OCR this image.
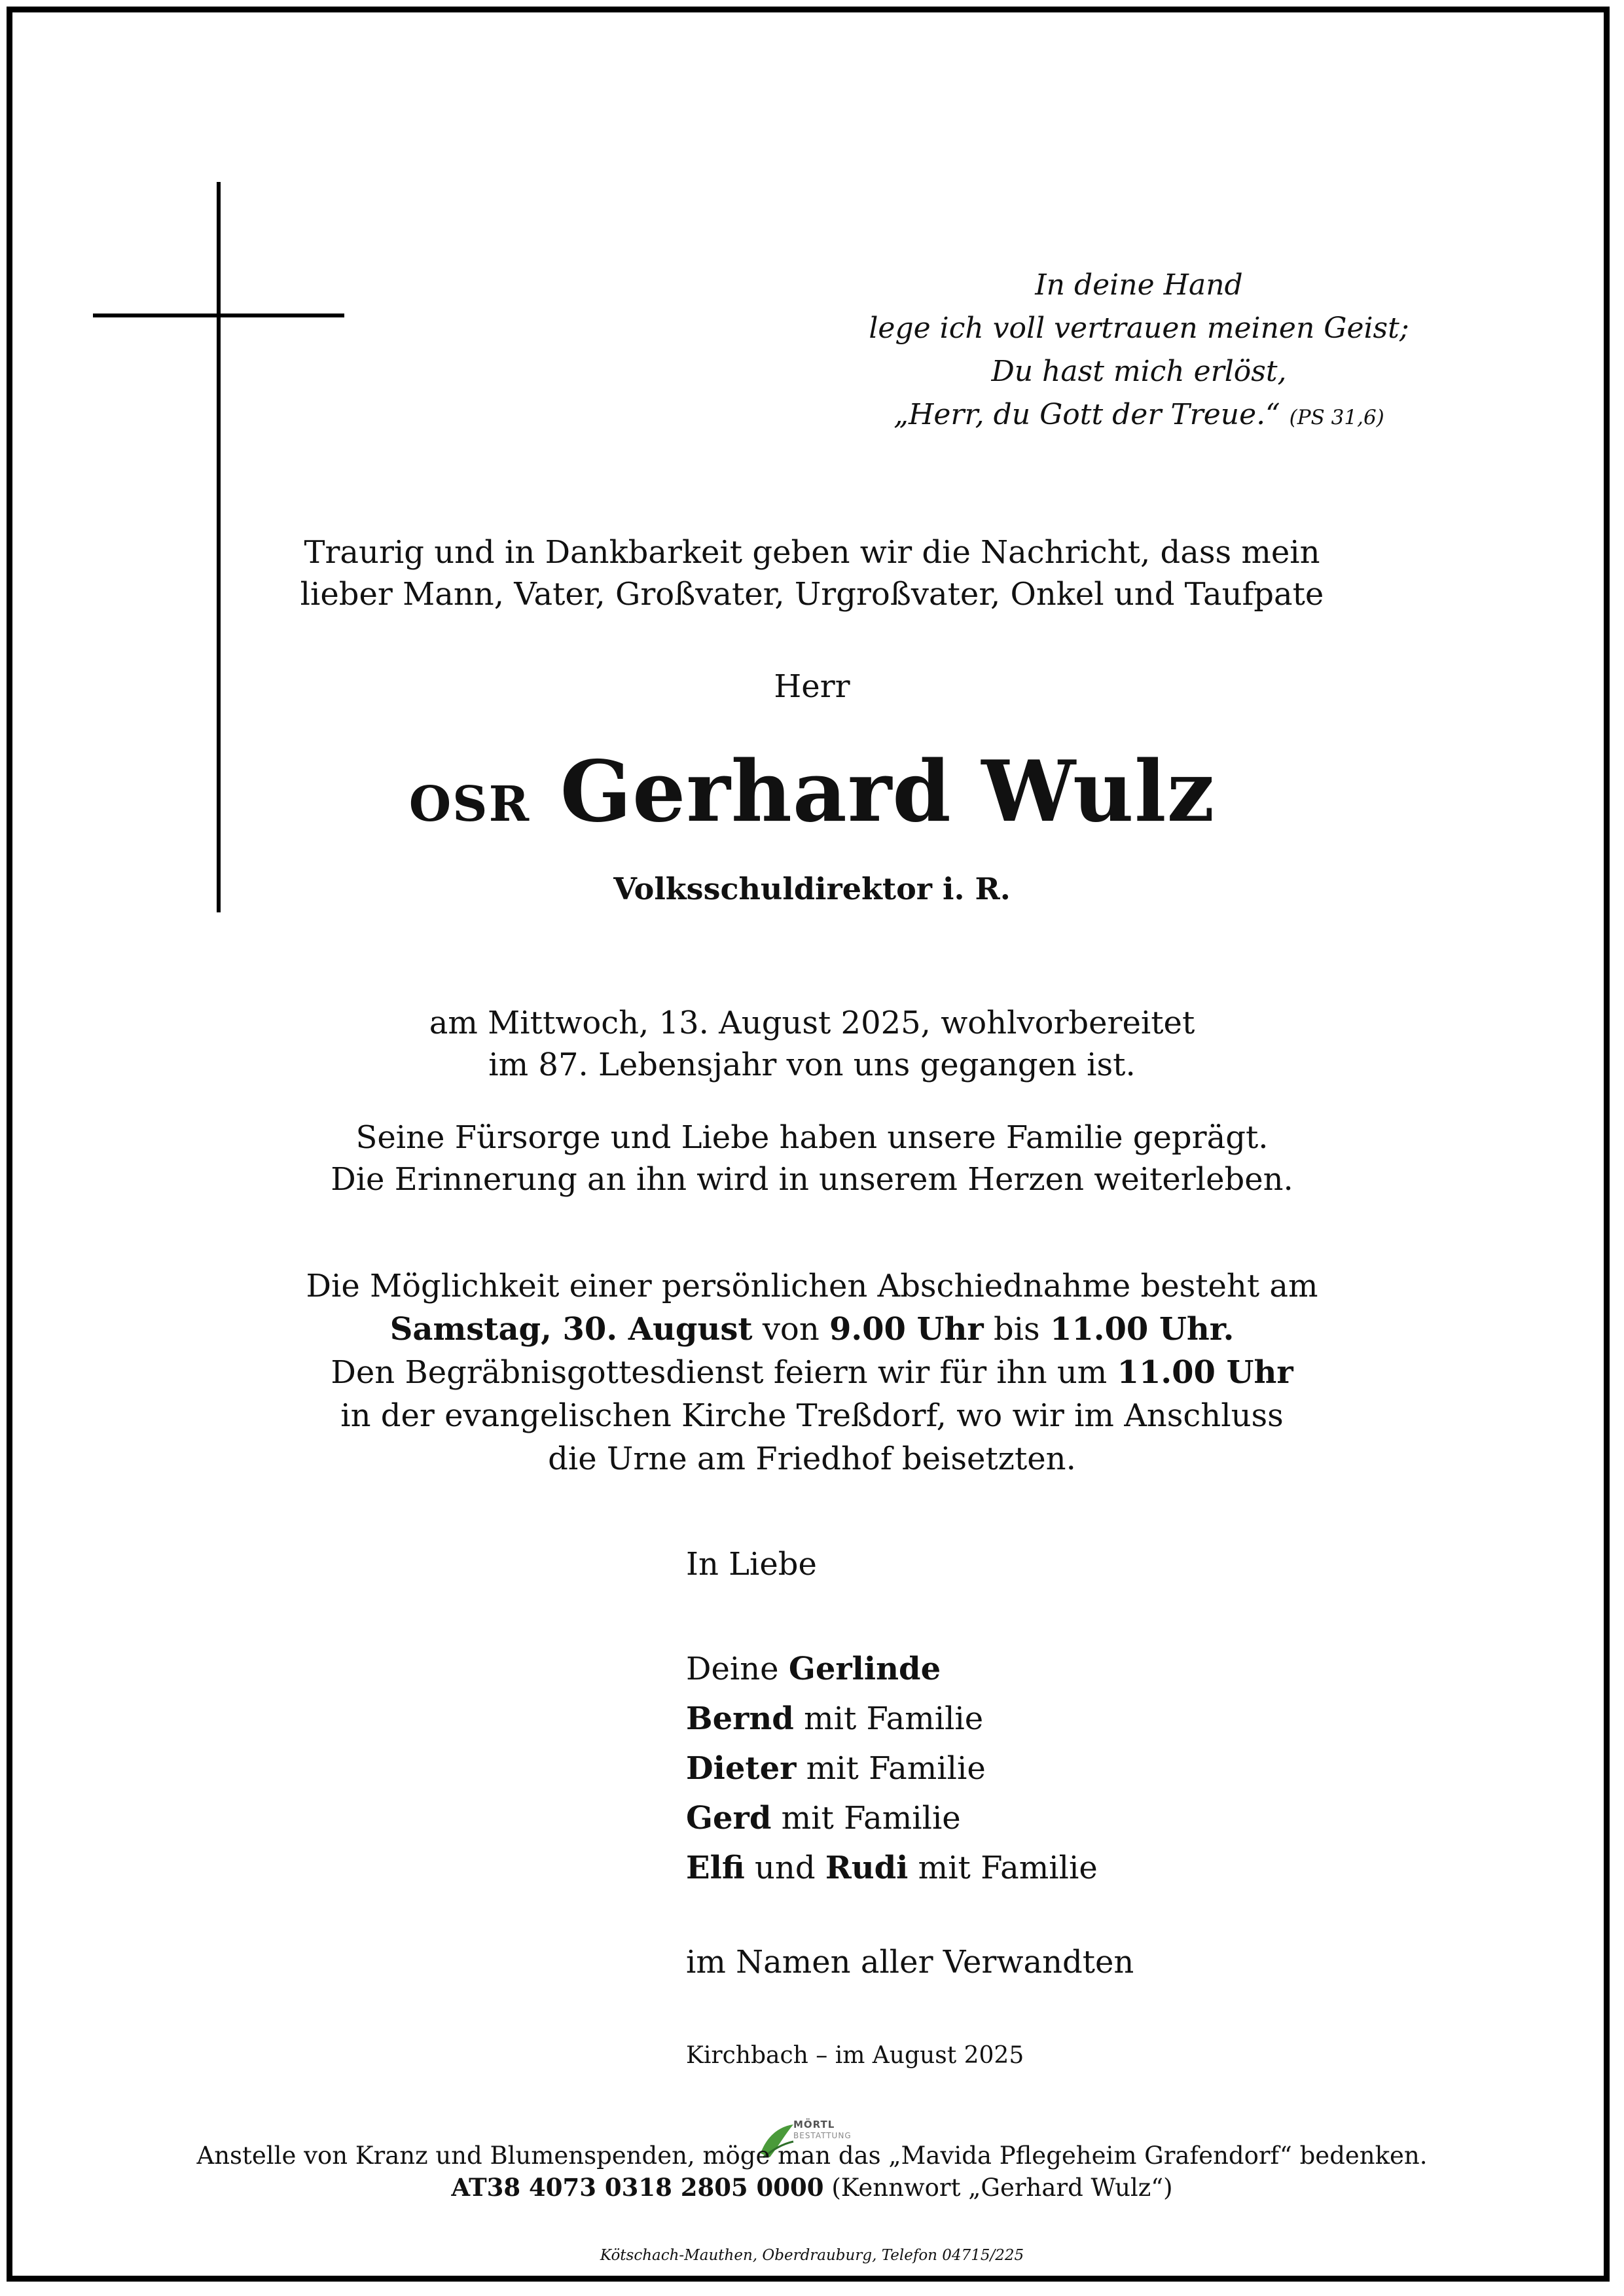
In deine Hand
lege ich voll vertrauen meinen Geist;
Du hast mich erlöst,
„Herr, du Gott der Treue.“ (PS 31,6)
Traurig und in Dankbarkeit geben wir die Nachricht, dass mein
lieber Mann, Vater, Großvater, Urgroßvater, Onkel und Taufpate
Herr
OSR Gerhard Wulz
Volksschuldirektor i. R.
am Mittwoch, 13. August 2025, wohlvorbereitet
im 87. Lebensjahr von uns gegangen ist.
Seine Fürsorge und Liebe haben unsere Familie geprägt.
Die Erinnerung an ihn wird in unserem Herzen weiterleben.
Die Möglichkeit einer persönlichen Abschiednahme besteht am
Samstag, 30. August von 9.00 Uhr bis 11.00 Uhr.
Den Begräbnisgottesdienst feiern wir für ihn um 11.00 Uhr
in der evangelischen Kirche Treßdorf, wo wir im Anschluss
die Urne am Friedhof beisetzten.
In Liebe
Deine Gerlinde
Bernd mit Familie
Dieter mit Familie
Gerd mit Familie
Elfi und Rudi mit Familie
im Namen aller Verwandten
Kirchbach – im August 2025
MÖRTL
BESTATTUNG
Anstelle von Kranz und Blumenspenden, möge man das „Mavida Pflegeheim Grafendorf“ bedenken.
AT38 4073 0318 2805 0000 (Kennwort „Gerhard Wulz“)
Kötschach-Mauthen, Oberdrauburg, Telefon 04715/225
